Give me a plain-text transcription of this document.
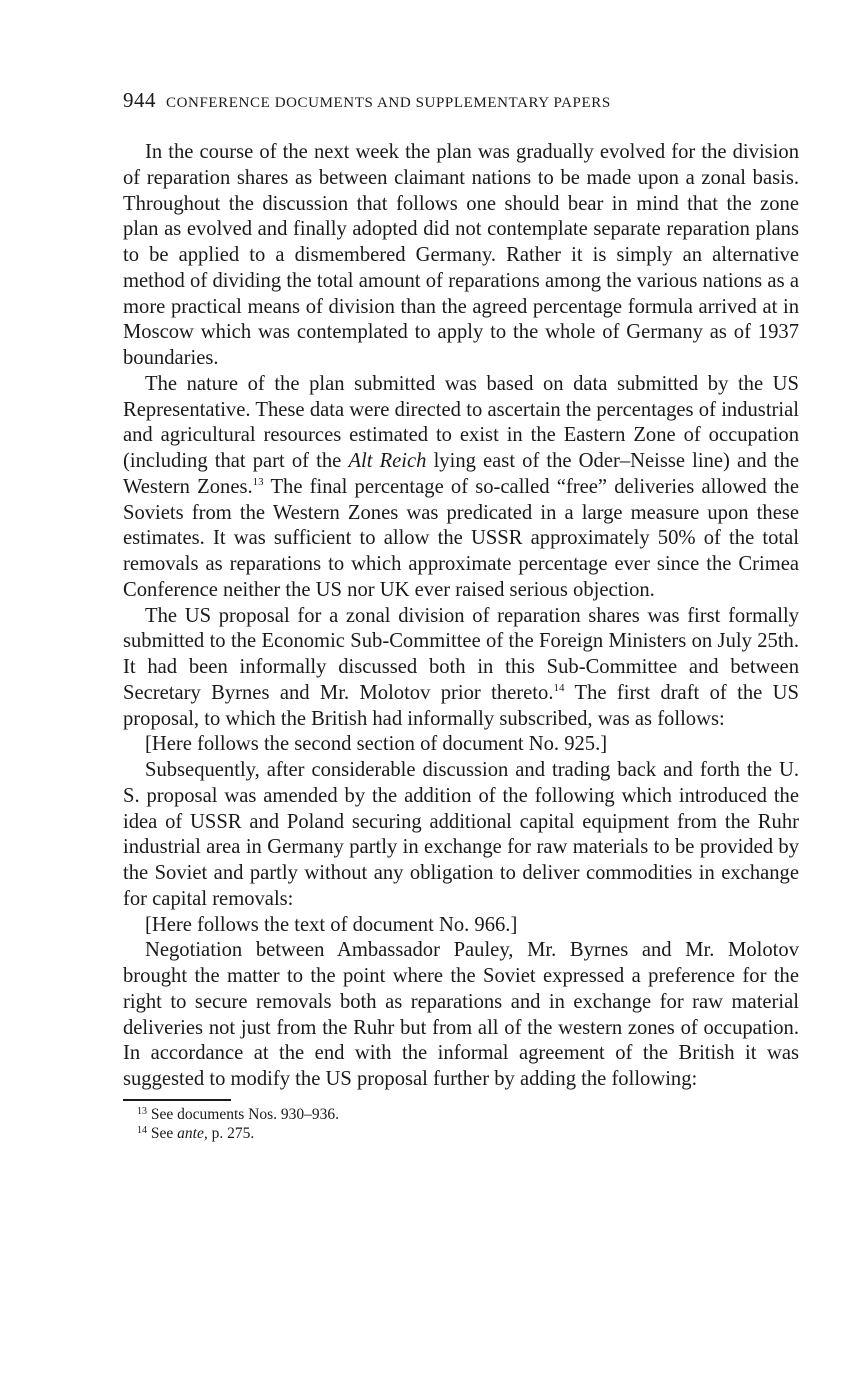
944 CONFERENCE DOCUMENTS AND SUPPLEMENTARY PAPERS

In the course of the next week the plan was gradually evolved for the division of reparation shares as between claimant nations to be made upon a zonal basis. Throughout the discussion that follows one should bear in mind that the zone plan as evolved and finally adopted did not contemplate separate reparation plans to be applied to a dismembered Germany. Rather it is simply an alternative method of dividing the total amount of reparations among the various nations as a more practical means of division than the agreed percentage formula arrived at in Moscow which was contemplated to apply to the whole of Germany as of 1937 boundaries.

The nature of the plan submitted was based on data submitted by the US Representative. These data were directed to ascertain the percentages of industrial and agricultural resources estimated to exist in the Eastern Zone of occupation (including that part of the Alt Reich lying east of the Oder–Neisse line) and the Western Zones.$^{13}$ The final percentage of so-called “free” deliveries allowed the Soviets from the Western Zones was predicated in a large measure upon these estimates. It was sufficient to allow the USSR approximately 50% of the total removals as reparations to which approximate percentage ever since the Crimea Conference neither the US nor UK ever raised serious objection.

The US proposal for a zonal division of reparation shares was first formally submitted to the Economic Sub-Committee of the Foreign Ministers on July 25th. It had been informally discussed both in this Sub-Committee and between Secretary Byrnes and Mr. Molotov prior thereto.$^{14}$ The first draft of the US proposal, to which the British had informally subscribed, was as follows:

[Here follows the second section of document No. 925.]

Subsequently, after considerable discussion and trading back and forth the U. S. proposal was amended by the addition of the following which introduced the idea of USSR and Poland securing additional capital equipment from the Ruhr industrial area in Germany partly in exchange for raw materials to be provided by the Soviet and partly without any obligation to deliver commodities in exchange for capital removals:

[Here follows the text of document No. 966.]

Negotiation between Ambassador Pauley, Mr. Byrnes and Mr. Molotov brought the matter to the point where the Soviet expressed a preference for the right to secure removals both as reparations and in exchange for raw material deliveries not just from the Ruhr but from all of the western zones of occupation. In accordance at the end with the informal agreement of the British it was suggested to modify the US proposal further by adding the following:

$^{13}$ See documents Nos. 930–936.
$^{14}$ See ante, p. 275.
